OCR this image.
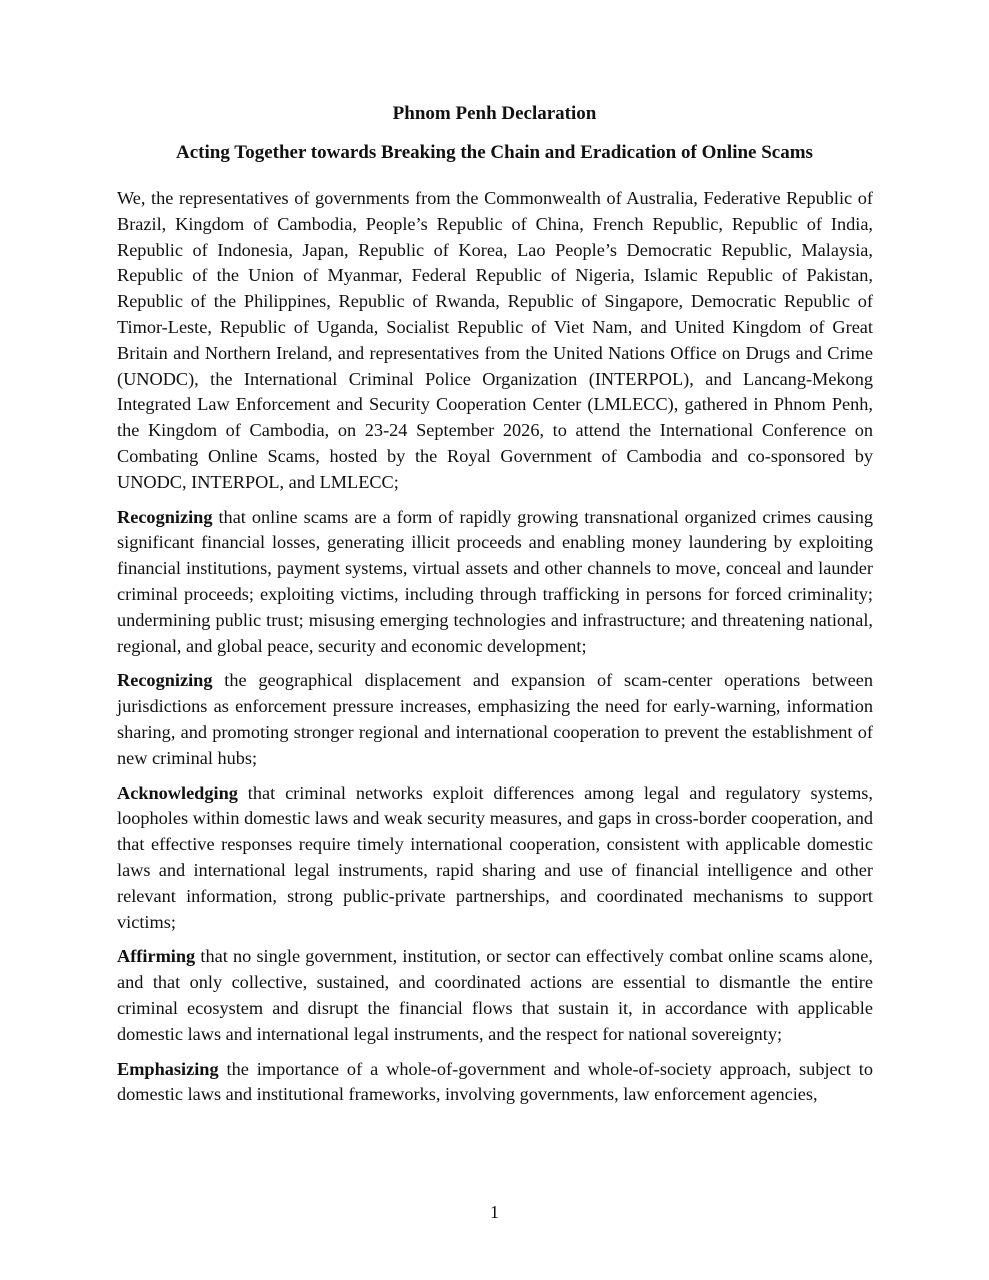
Phnom Penh Declaration
Acting Together towards Breaking the Chain and Eradication of Online Scams

We, the representatives of governments from the Commonwealth of Australia, Federative Republic of Brazil, Kingdom of Cambodia, People’s Republic of China, French Republic, Republic of India, Republic of Indonesia, Japan, Republic of Korea, Lao People’s Democratic Republic, Malaysia, Republic of the Union of Myanmar, Federal Republic of Nigeria, Islamic Republic of Pakistan, Republic of the Philippines, Republic of Rwanda, Republic of Singapore, Democratic Republic of Timor-Leste, Republic of Uganda, Socialist Republic of Viet Nam, and United Kingdom of Great Britain and Northern Ireland, and representatives from the United Nations Office on Drugs and Crime (UNODC), the International Criminal Police Organization (INTERPOL), and Lancang-Mekong Integrated Law Enforcement and Security Cooperation Center (LMLECC), gathered in Phnom Penh, the Kingdom of Cambodia, on 23-24 September 2026, to attend the International Conference on Combating Online Scams, hosted by the Royal Government of Cambodia and co-sponsored by UNODC, INTERPOL, and LMLECC;

Recognizing that online scams are a form of rapidly growing transnational organized crimes causing significant financial losses, generating illicit proceeds and enabling money laundering by exploiting financial institutions, payment systems, virtual assets and other channels to move, conceal and launder criminal proceeds; exploiting victims, including through trafficking in persons for forced criminality; undermining public trust; misusing emerging technologies and infrastructure; and threatening national, regional, and global peace, security and economic development;

Recognizing the geographical displacement and expansion of scam-center operations between jurisdictions as enforcement pressure increases, emphasizing the need for early-warning, information sharing, and promoting stronger regional and international cooperation to prevent the establishment of new criminal hubs;

Acknowledging that criminal networks exploit differences among legal and regulatory systems, loopholes within domestic laws and weak security measures, and gaps in cross-border cooperation, and that effective responses require timely international cooperation, consistent with applicable domestic laws and international legal instruments, rapid sharing and use of financial intelligence and other relevant information, strong public-private partnerships, and coordinated mechanisms to support victims;

Affirming that no single government, institution, or sector can effectively combat online scams alone, and that only collective, sustained, and coordinated actions are essential to dismantle the entire criminal ecosystem and disrupt the financial flows that sustain it, in accordance with applicable domestic laws and international legal instruments, and the respect for national sovereignty;

Emphasizing the importance of a whole-of-government and whole-of-society approach, subject to domestic laws and institutional frameworks, involving governments, law enforcement agencies,

1
